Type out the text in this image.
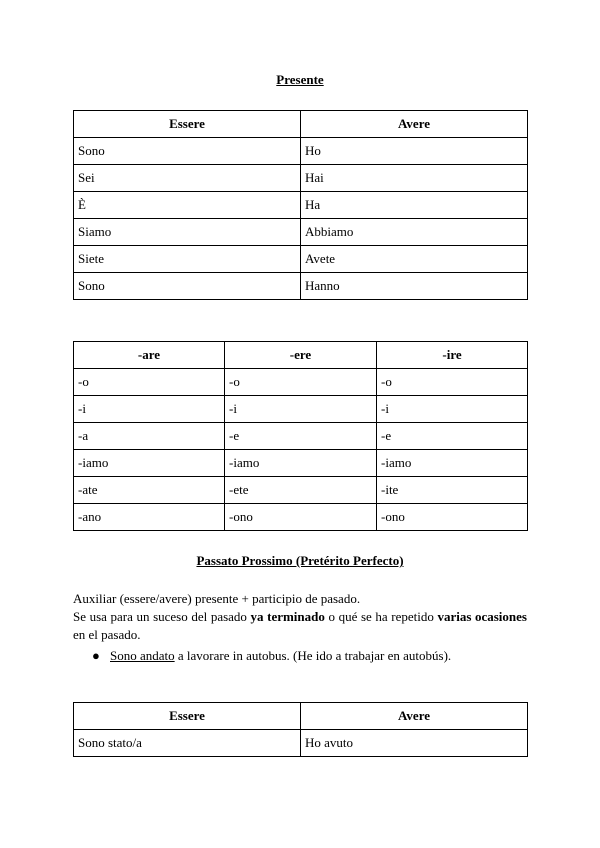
Presente
Essere	Avere
Sono	Ho
Sei	Hai
È	Ha
Siamo	Abbiamo
Siete	Avete
Sono	Hanno
-are	-ere	-ire
-o	-o	-o
-i	-i	-i
-a	-e	-e
-iamo	-iamo	-iamo
-ate	-ete	-ite
-ano	-ono	-ono
Passato Prossimo (Pretérito Perfecto)
Auxiliar (essere/avere) presente + participio de pasado.
Se usa para un suceso del pasado ya terminado o qué se ha repetido varias ocasiones en el pasado.
● Sono andato a lavorare in autobus. (He ido a trabajar en autobús).
Essere	Avere
Sono stato/a	Ho avuto
